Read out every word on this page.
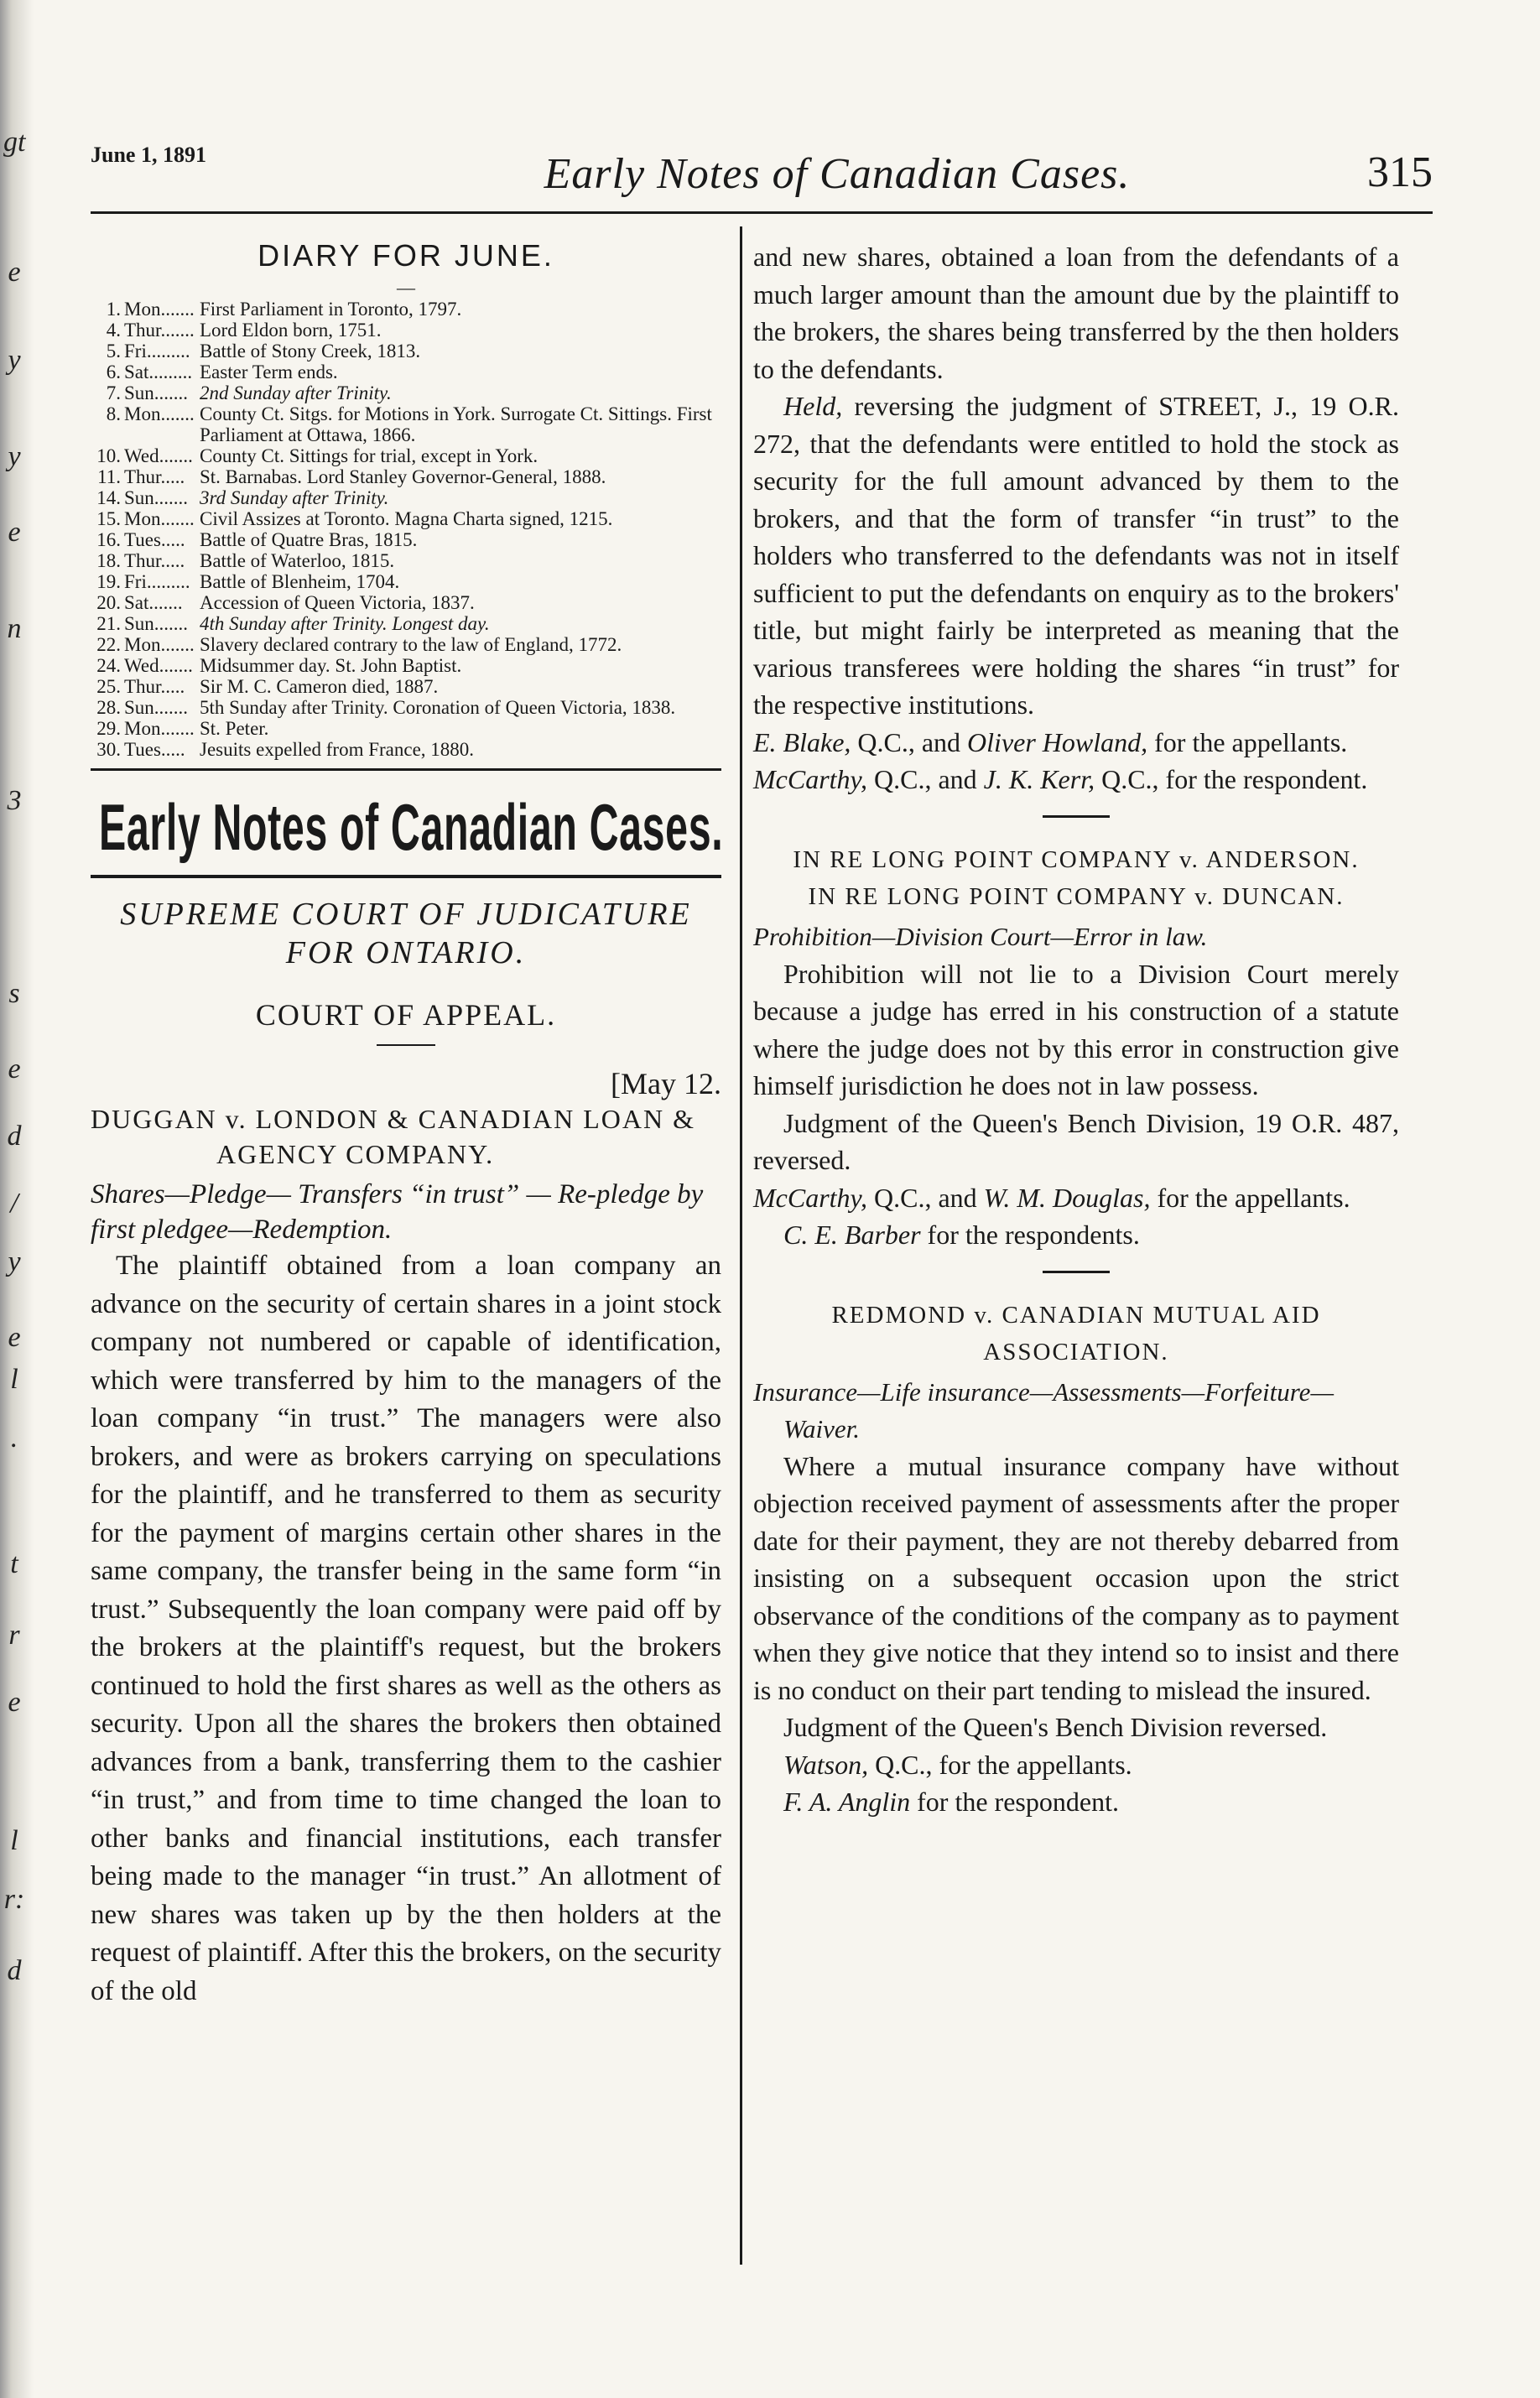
gt
e
y
y
e
n
3
s
e
d
/
y
e
l
.
t
r
e
l
r:
d
June 1, 1891	Early Notes of Canadian Cases.	315
DIARY FOR JUNE.
—
1. Mon....... First Parliament in Toronto, 1797.
4. Thur....... Lord Eldon born, 1751.
5. Fri......... Battle of Stony Creek, 1813.
6. Sat......... Easter Term ends.
7. Sun....... 2nd Sunday after Trinity.
8. Mon....... County Ct. Sitgs. for Motions in York. Surrogate Ct. Sittings. First Parliament at Ottawa, 1866.
10. Wed....... County Ct. Sittings for trial, except in York.
11. Thur..... St. Barnabas. Lord Stanley Governor-General, 1888.
14. Sun....... 3rd Sunday after Trinity.
15. Mon....... Civil Assizes at Toronto. Magna Charta signed, 1215.
16. Tues..... Battle of Quatre Bras, 1815.
18. Thur..... Battle of Waterloo, 1815.
19. Fri......... Battle of Blenheim, 1704.
20. Sat....... Accession of Queen Victoria, 1837.
21. Sun....... 4th Sunday after Trinity. Longest day.
22. Mon....... Slavery declared contrary to the law of England, 1772.
24. Wed....... Midsummer day. St. John Baptist.
25. Thur..... Sir M. C. Cameron died, 1887.
28. Sun....... 5th Sunday after Trinity. Coronation of Queen Victoria, 1838.
29. Mon....... St. Peter.
30. Tues..... Jesuits expelled from France, 1880.
Early Notes of Canadian Cases.
SUPREME COURT OF JUDICATURE FOR ONTARIO.
COURT OF APPEAL.
[May 12.
DUGGAN v. LONDON & CANADIAN LOAN &
AGENCY COMPANY.
Shares—Pledge— Transfers “in trust” — Re-pledge by first pledgee—Redemption.

The plaintiff obtained from a loan company an advance on the security of certain shares in a joint stock company not numbered or capable of identification, which were transferred by him to the managers of the loan company “in trust.” The managers were also brokers, and were as brokers carrying on speculations for the plaintiff, and he transferred to them as security for the payment of margins certain other shares in the same company, the transfer being in the same form “in trust.” Subsequently the loan company were paid off by the brokers at the plaintiff's request, but the brokers continued to hold the first shares as well as the others as security. Upon all the shares the brokers then obtained advances from a bank, transferring them to the cashier “in trust,” and from time to time changed the loan to other banks and financial institutions, each transfer being made to the manager “in trust.” An allotment of new shares was taken up by the then holders at the request of plaintiff. After this the brokers, on the security of the old

and new shares, obtained a loan from the defendants of a much larger amount than the amount due by the plaintiff to the brokers, the shares being transferred by the then holders to the defendants.

Held, reversing the judgment of STREET, J., 19 O.R. 272, that the defendants were entitled to hold the stock as security for the full amount advanced by them to the brokers, and that the form of transfer “in trust” to the holders who transferred to the defendants was not in itself sufficient to put the defendants on enquiry as to the brokers' title, but might fairly be interpreted as meaning that the various transferees were holding the shares “in trust” for the respective institutions.

E. Blake, Q.C., and Oliver Howland, for the appellants.

McCarthy, Q.C., and J. K. Kerr, Q.C., for the respondent.

IN RE LONG POINT COMPANY v. ANDERSON.
IN RE LONG POINT COMPANY v. DUNCAN.
Prohibition—Division Court—Error in law.

Prohibition will not lie to a Division Court merely because a judge has erred in his construction of a statute where the judge does not by this error in construction give himself jurisdiction he does not in law possess.

Judgment of the Queen's Bench Division, 19 O.R. 487, reversed.

McCarthy, Q.C., and W. M. Douglas, for the appellants.

C. E. Barber for the respondents.

REDMOND v. CANADIAN MUTUAL AID
ASSOCIATION.
Insurance—Life insurance—Assessments—Forfeiture—Waiver.

Where a mutual insurance company have without objection received payment of assessments after the proper date for their payment, they are not thereby debarred from insisting on a subsequent occasion upon the strict observance of the conditions of the company as to payment when they give notice that they intend so to insist and there is no conduct on their part tending to mislead the insured.

Judgment of the Queen's Bench Division reversed.

Watson, Q.C., for the appellants.

F. A. Anglin for the respondent.
